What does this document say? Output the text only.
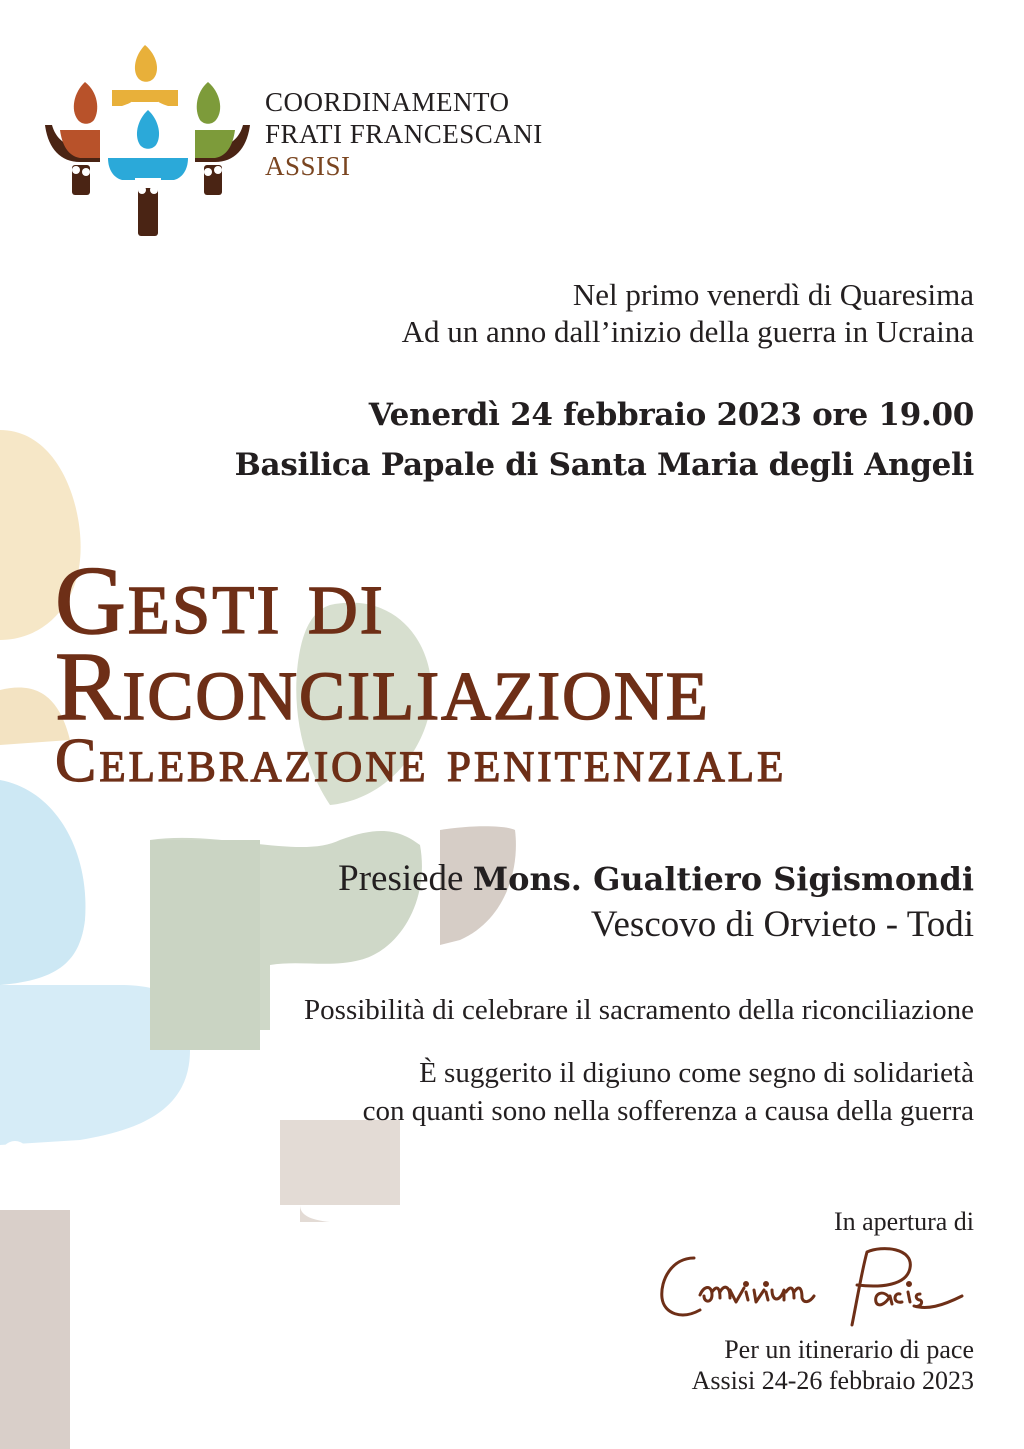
COORDINAMENTO
FRATI FRANCESCANI
ASSISI
Nel primo venerdì di Quaresima
Ad un anno dall’inizio della guerra in Ucraina
Venerdì 24 febbraio 2023 ore 19.00
Basilica Papale di Santa Maria degli Angeli
Gesti di
Riconciliazione
Celebrazione penitenziale
Presiede Mons. Gualtiero Sigismondi
Vescovo di Orvieto - Todi
Possibilità di celebrare il sacramento della riconciliazione
È suggerito il digiuno come segno di solidarietà
con quanti sono nella sofferenza a causa della guerra
In apertura di
Per un itinerario di pace
Assisi 24-26 febbraio 2023
